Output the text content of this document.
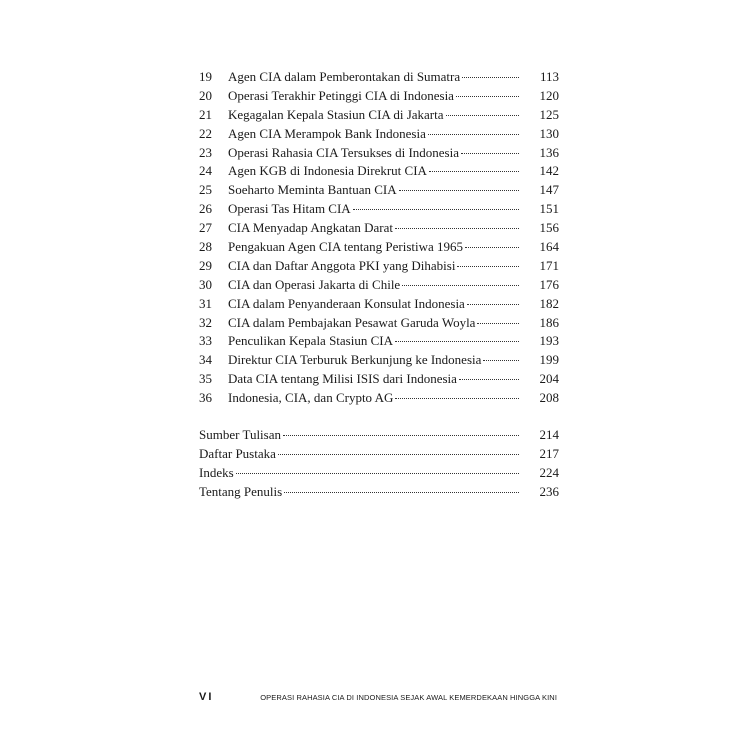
19	Agen CIA dalam Pemberontakan di Sumatra	113
20	Operasi Terakhir Petinggi CIA di Indonesia	120
21	Kegagalan Kepala Stasiun CIA di Jakarta	125
22	Agen CIA Merampok Bank Indonesia	130
23	Operasi Rahasia CIA Tersukses di Indonesia	136
24	Agen KGB di Indonesia Direkrut CIA	142
25	Soeharto Meminta Bantuan CIA	147
26	Operasi Tas Hitam CIA	151
27	CIA Menyadap Angkatan Darat	156
28	Pengakuan Agen CIA tentang Peristiwa 1965	164
29	CIA dan Daftar Anggota PKI yang Dihabisi	171
30	CIA dan Operasi Jakarta di Chile	176
31	CIA dalam Penyanderaan Konsulat Indonesia	182
32	CIA dalam Pembajakan Pesawat Garuda Woyla	186
33	Penculikan Kepala Stasiun CIA	193
34	Direktur CIA Terburuk Berkunjung ke Indonesia	199
35	Data CIA tentang Milisi ISIS dari Indonesia	204
36	Indonesia, CIA, dan Crypto AG	208
Sumber Tulisan	214
Daftar Pustaka	217
Indeks	224
Tentang Penulis	236
VI	OPERASI RAHASIA CIA DI INDONESIA SEJAK AWAL KEMERDEKAAN HINGGA KINI
